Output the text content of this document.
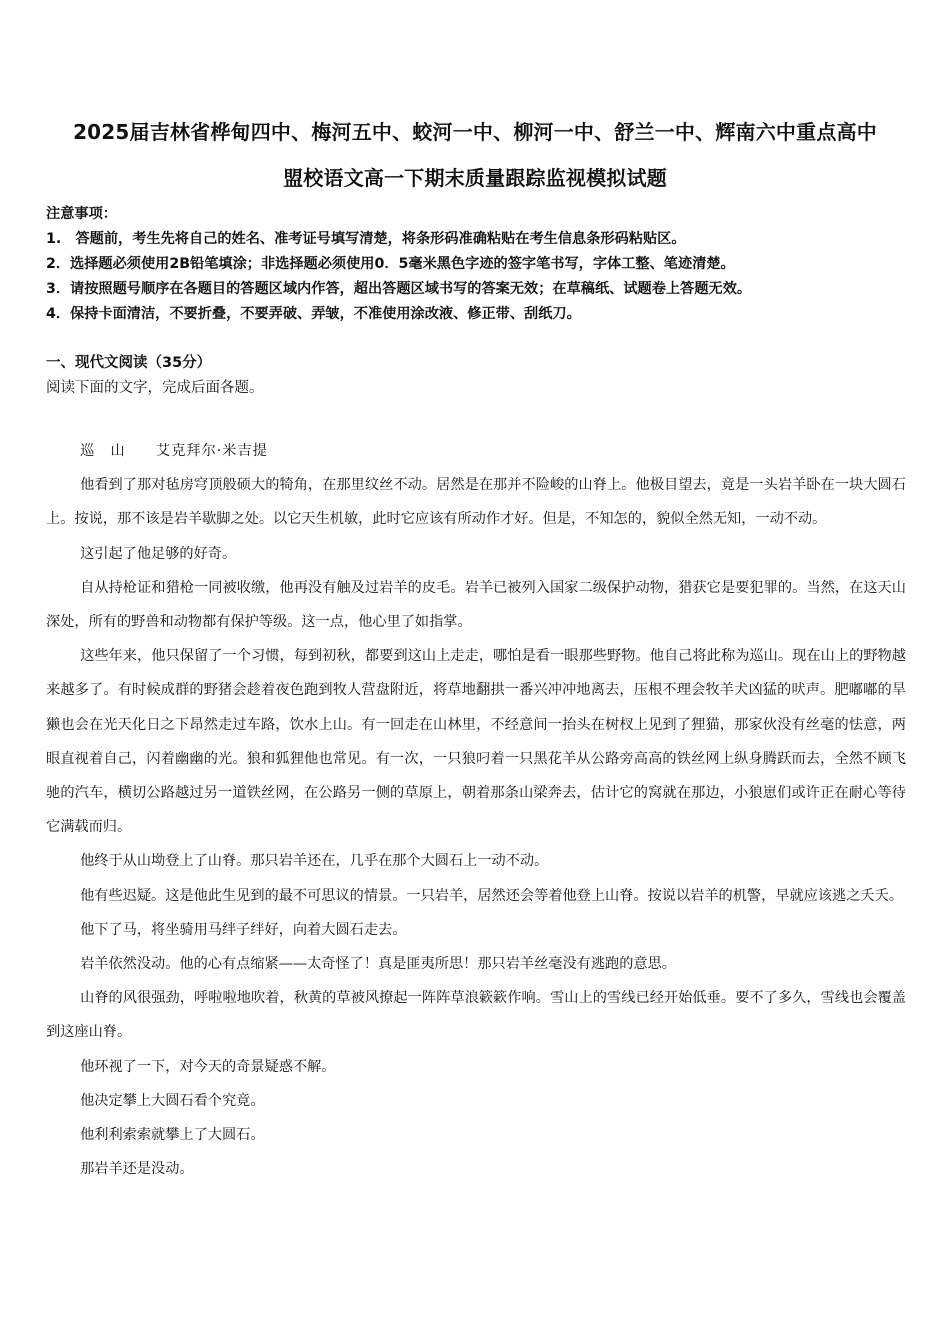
2025届吉林省桦甸四中、梅河五中、蛟河一中、柳河一中、舒兰一中、辉南六中重点高中
盟校语文高一下期末质量跟踪监视模拟试题
注意事项：
1.　答题前，考生先将自己的姓名、准考证号填写清楚，将条形码准确粘贴在考生信息条形码粘贴区。
2．选择题必须使用2B铅笔填涂；非选择题必须使用0．5毫米黑色字迹的签字笔书写，字体工整、笔迹清楚。
3．请按照题号顺序在各题目的答题区域内作答，超出答题区域书写的答案无效；在草稿纸、试题卷上答题无效。
4．保持卡面清洁，不要折叠，不要弄破、弄皱，不准使用涂改液、修正带、刮纸刀。
一、现代文阅读（35分）
阅读下面的文字，完成后面各题。

巡　山　　艾克拜尔·米吉提

他看到了那对毡房穹顶般硕大的犄角，在那里纹丝不动。居然是在那并不险峻的山脊上。他极目望去，竟是一头岩羊卧在一块大圆石上。按说，那不该是岩羊歇脚之处。以它天生机敏，此时它应该有所动作才好。但是，不知怎的，貌似全然无知，一动不动。

这引起了他足够的好奇。

自从持枪证和猎枪一同被收缴，他再没有触及过岩羊的皮毛。岩羊已被列入国家二级保护动物，猎获它是要犯罪的。当然，在这天山深处，所有的野兽和动物都有保护等级。这一点，他心里了如指掌。

这些年来，他只保留了一个习惯，每到初秋，都要到这山上走走，哪怕是看一眼那些野物。他自己将此称为巡山。现在山上的野物越来越多了。有时候成群的野猪会趁着夜色跑到牧人营盘附近，将草地翻拱一番兴冲冲地离去，压根不理会牧羊犬凶猛的吠声。肥嘟嘟的旱獭也会在光天化日之下昂然走过车路，饮水上山。有一回走在山林里，不经意间一抬头在树杈上见到了狸猫，那家伙没有丝毫的怯意，两眼直视着自己，闪着幽幽的光。狼和狐狸他也常见。有一次，一只狼叼着一只黑花羊从公路旁高高的铁丝网上纵身腾跃而去，全然不顾飞驰的汽车，横切公路越过另一道铁丝网，在公路另一侧的草原上，朝着那条山梁奔去，估计它的窝就在那边，小狼崽们或许正在耐心等待它满载而归。

他终于从山坳登上了山脊。那只岩羊还在，几乎在那个大圆石上一动不动。

他有些迟疑。这是他此生见到的最不可思议的情景。一只岩羊，居然还会等着他登上山脊。按说以岩羊的机警，早就应该逃之夭夭。

他下了马，将坐骑用马绊子绊好，向着大圆石走去。

岩羊依然没动。他的心有点缩紧——太奇怪了！真是匪夷所思！那只岩羊丝毫没有逃跑的意思。

山脊的风很强劲，呼啦啦地吹着，秋黄的草被风撩起一阵阵草浪簌簌作响。雪山上的雪线已经开始低垂。要不了多久，雪线也会覆盖到这座山脊。

他环视了一下，对今天的奇景疑惑不解。

他决定攀上大圆石看个究竟。

他利利索索就攀上了大圆石。

那岩羊还是没动。
